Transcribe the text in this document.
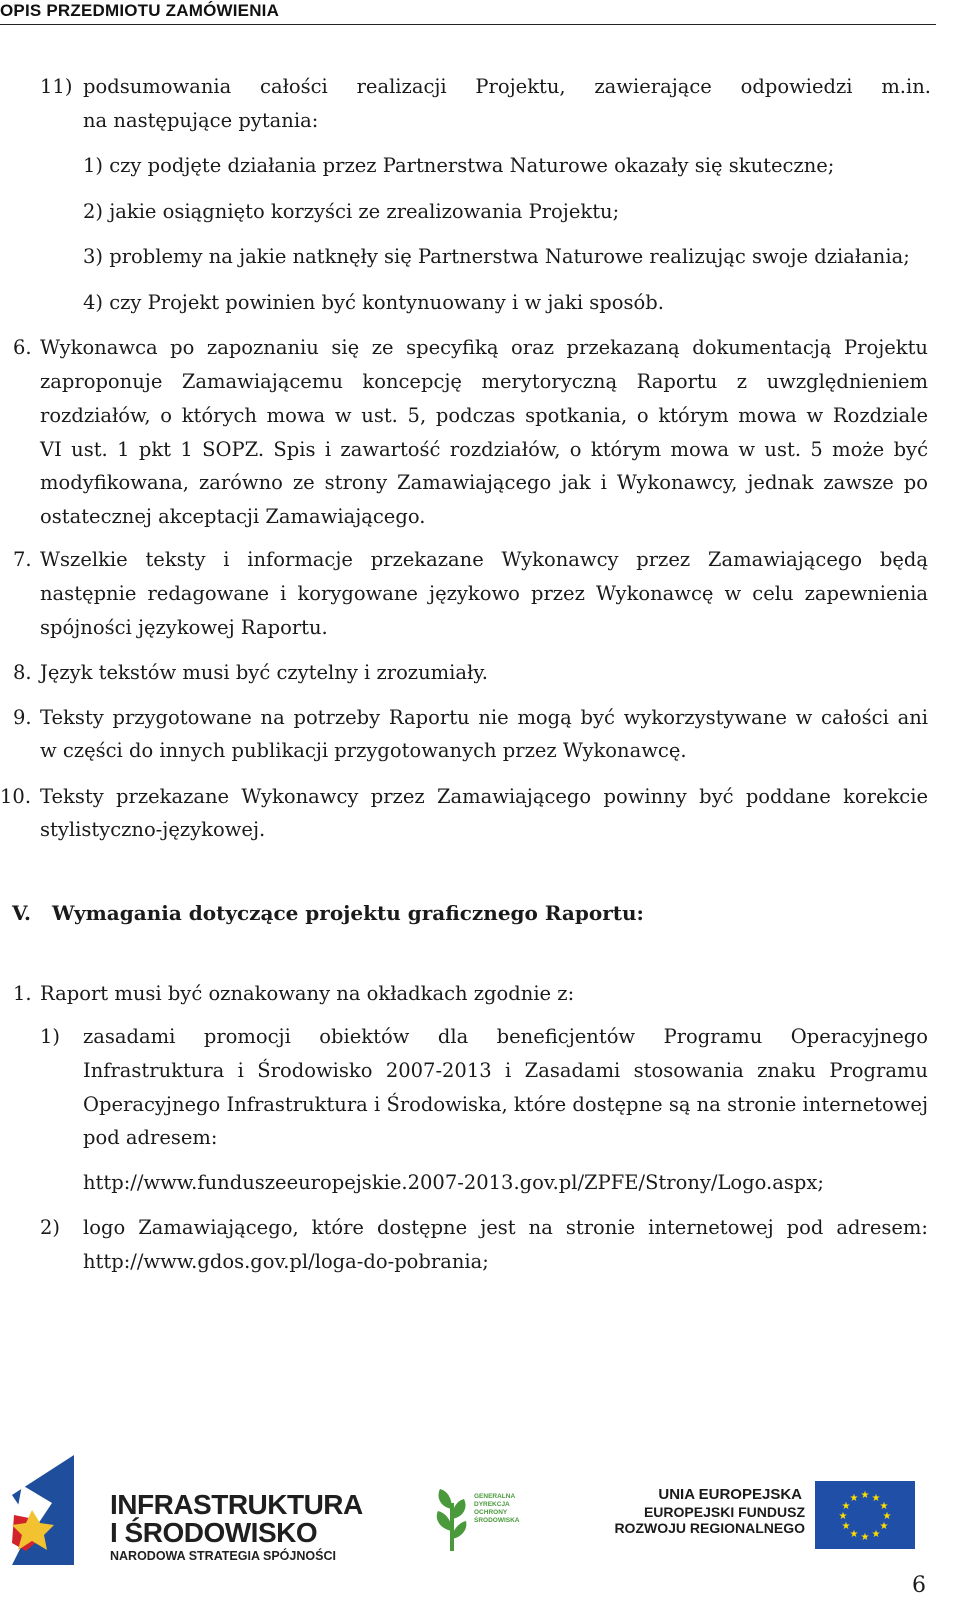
OPIS PRZEDMIOTU ZAMÓWIENIA
11) podsumowania całości realizacji Projektu, zawierające odpowiedzi m.in.
na następujące pytania:
1) czy podjęte działania przez Partnerstwa Naturowe okazały się skuteczne;
2) jakie osiągnięto korzyści ze zrealizowania Projektu;
3) problemy na jakie natknęły się Partnerstwa Naturowe realizując swoje działania;
4) czy Projekt powinien być kontynuowany i w jaki sposób.
6. Wykonawca po zapoznaniu się ze specyfiką oraz przekazaną dokumentacją Projektu
zaproponuje Zamawiającemu koncepcję merytoryczną Raportu z uwzględnieniem
rozdziałów, o których mowa w ust. 5, podczas spotkania, o którym mowa w Rozdziale
VI ust. 1 pkt 1 SOPZ. Spis i zawartość rozdziałów, o którym mowa w ust. 5 może być
modyfikowana, zarówno ze strony Zamawiającego jak i Wykonawcy, jednak zawsze po
ostatecznej akceptacji Zamawiającego.
7. Wszelkie teksty i informacje przekazane Wykonawcy przez Zamawiającego będą
następnie redagowane i korygowane językowo przez Wykonawcę w celu zapewnienia
spójności językowej Raportu.
8. Język tekstów musi być czytelny i zrozumiały.
9. Teksty przygotowane na potrzeby Raportu nie mogą być wykorzystywane w całości ani
w części do innych publikacji przygotowanych przez Wykonawcę.
10. Teksty przekazane Wykonawcy przez Zamawiającego powinny być poddane korekcie
stylistyczno-językowej.
V. Wymagania dotyczące projektu graficznego Raportu:
1. Raport musi być oznakowany na okładkach zgodnie z:
1) zasadami promocji obiektów dla beneficjentów Programu Operacyjnego
Infrastruktura i Środowisko 2007-2013 i Zasadami stosowania znaku Programu
Operacyjnego Infrastruktura i Środowiska, które dostępne są na stronie internetowej
pod adresem:
http://www.funduszeeuropejskie.2007-2013.gov.pl/ZPFE/Strony/Logo.aspx;
2) logo Zamawiającego, które dostępne jest na stronie internetowej pod adresem:
http://www.gdos.gov.pl/loga-do-pobrania;
INFRASTRUKTURA
I ŚRODOWISKO
NARODOWA STRATEGIA SPÓJNOŚCI
GENERALNA
DYREKCJA
OCHRONY
ŚRODOWISKA
UNIA EUROPEJSKA
EUROPEJSKI FUNDUSZ
ROZWOJU REGIONALNEGO
★ ★
★
★
★
★
★
★
★
★
★
★
6
